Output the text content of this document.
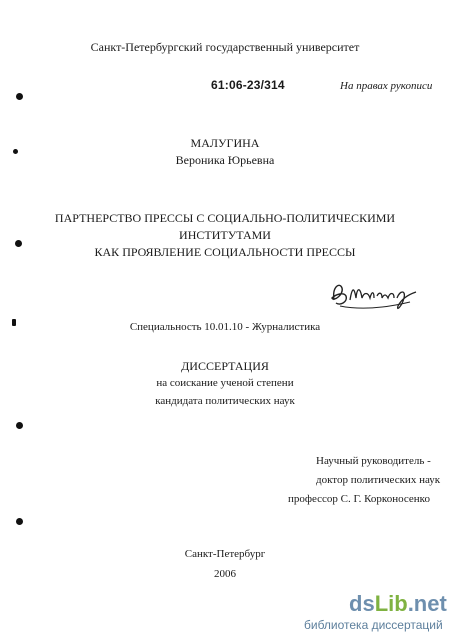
Санкт-Петербургский государственный университет
61:06-23/314	На правах рукописи
МАЛУГИНА
Вероника Юрьевна
ПАРТНЕРСТВО ПРЕССЫ С СОЦИАЛЬНО-ПОЛИТИЧЕСКИМИ
ИНСТИТУТАМИ
КАК ПРОЯВЛЕНИЕ СОЦИАЛЬНОСТИ ПРЕССЫ
Специальность 10.01.10 - Журналистика
ДИССЕРТАЦИЯ
на соискание ученой степени
кандидата политических наук
Научный руководитель -
доктор политических наук
профессор С. Г. Корконосенко
Санкт-Петербург
2006
dsLib.net
библиотека диссертаций
